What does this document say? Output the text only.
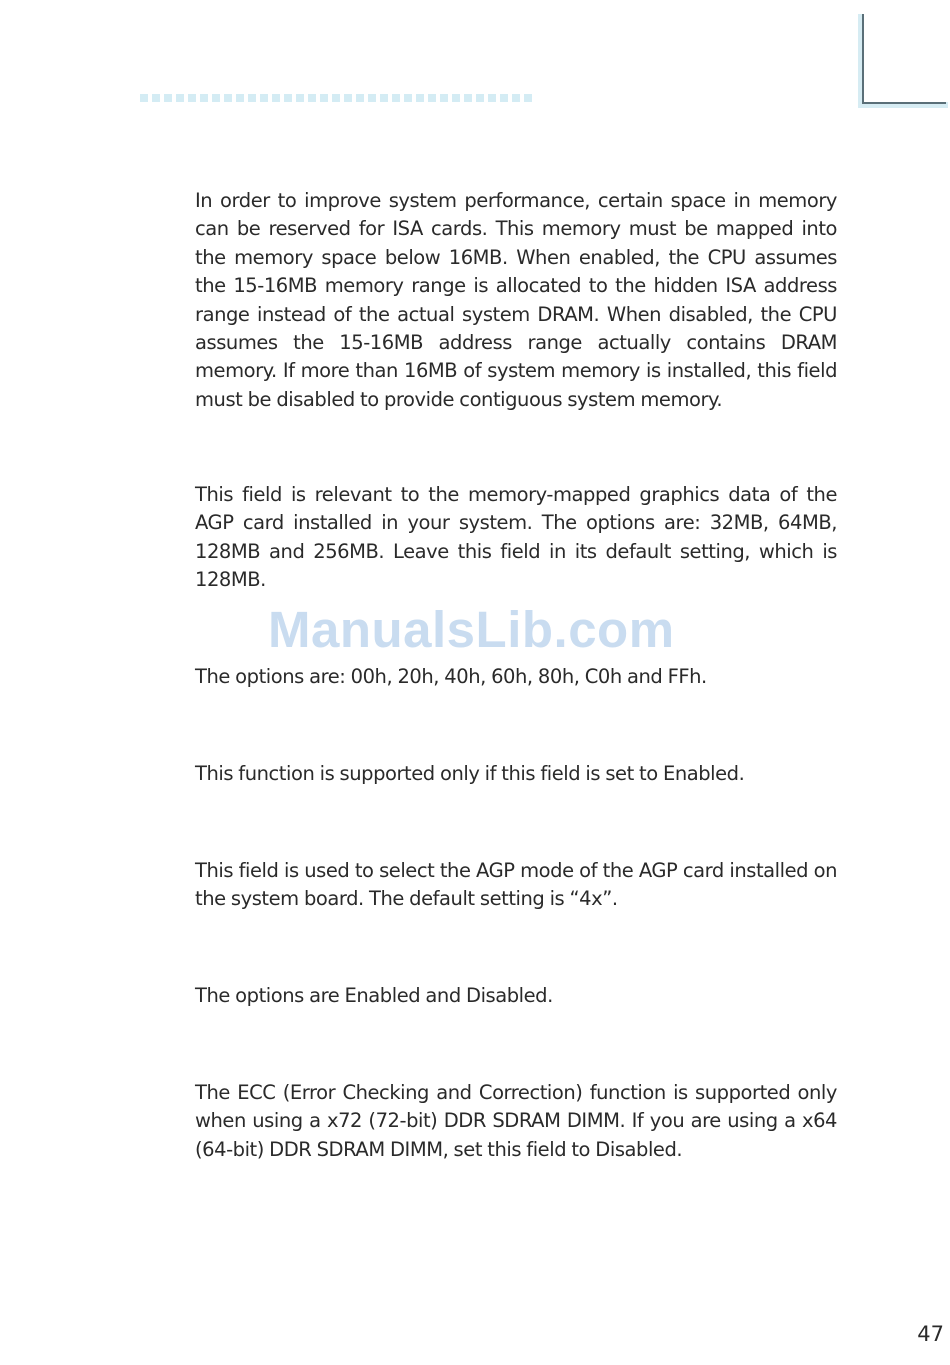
In order to improve system performance, certain space in memory can be reserved for ISA cards. This memory must be mapped into the memory space below 16MB. When enabled, the CPU assumes the 15-16MB memory range is allocated to the hidden ISA address range instead of the actual system DRAM. When disabled, the CPU assumes the 15-16MB address range actually contains DRAM memory. If more than 16MB of system memory is installed, this field must be disabled to provide contiguous system memory.

This field is relevant to the memory-mapped graphics data of the AGP card installed in your system. The options are: 32MB, 64MB, 128MB and 256MB. Leave this field in its default setting, which is 128MB.

The options are: 00h, 20h, 40h, 60h, 80h, C0h and FFh.

This function is supported only if this field is set to Enabled.

This field is used to select the AGP mode of the AGP card installed on the system board. The default setting is “4x”.

The options are Enabled and Disabled.

The ECC (Error Checking and Correction) function is supported only when using a x72 (72-bit) DDR SDRAM DIMM. If you are using a x64 (64-bit) DDR SDRAM DIMM, set this field to Disabled.

ManualsLib.com
47
